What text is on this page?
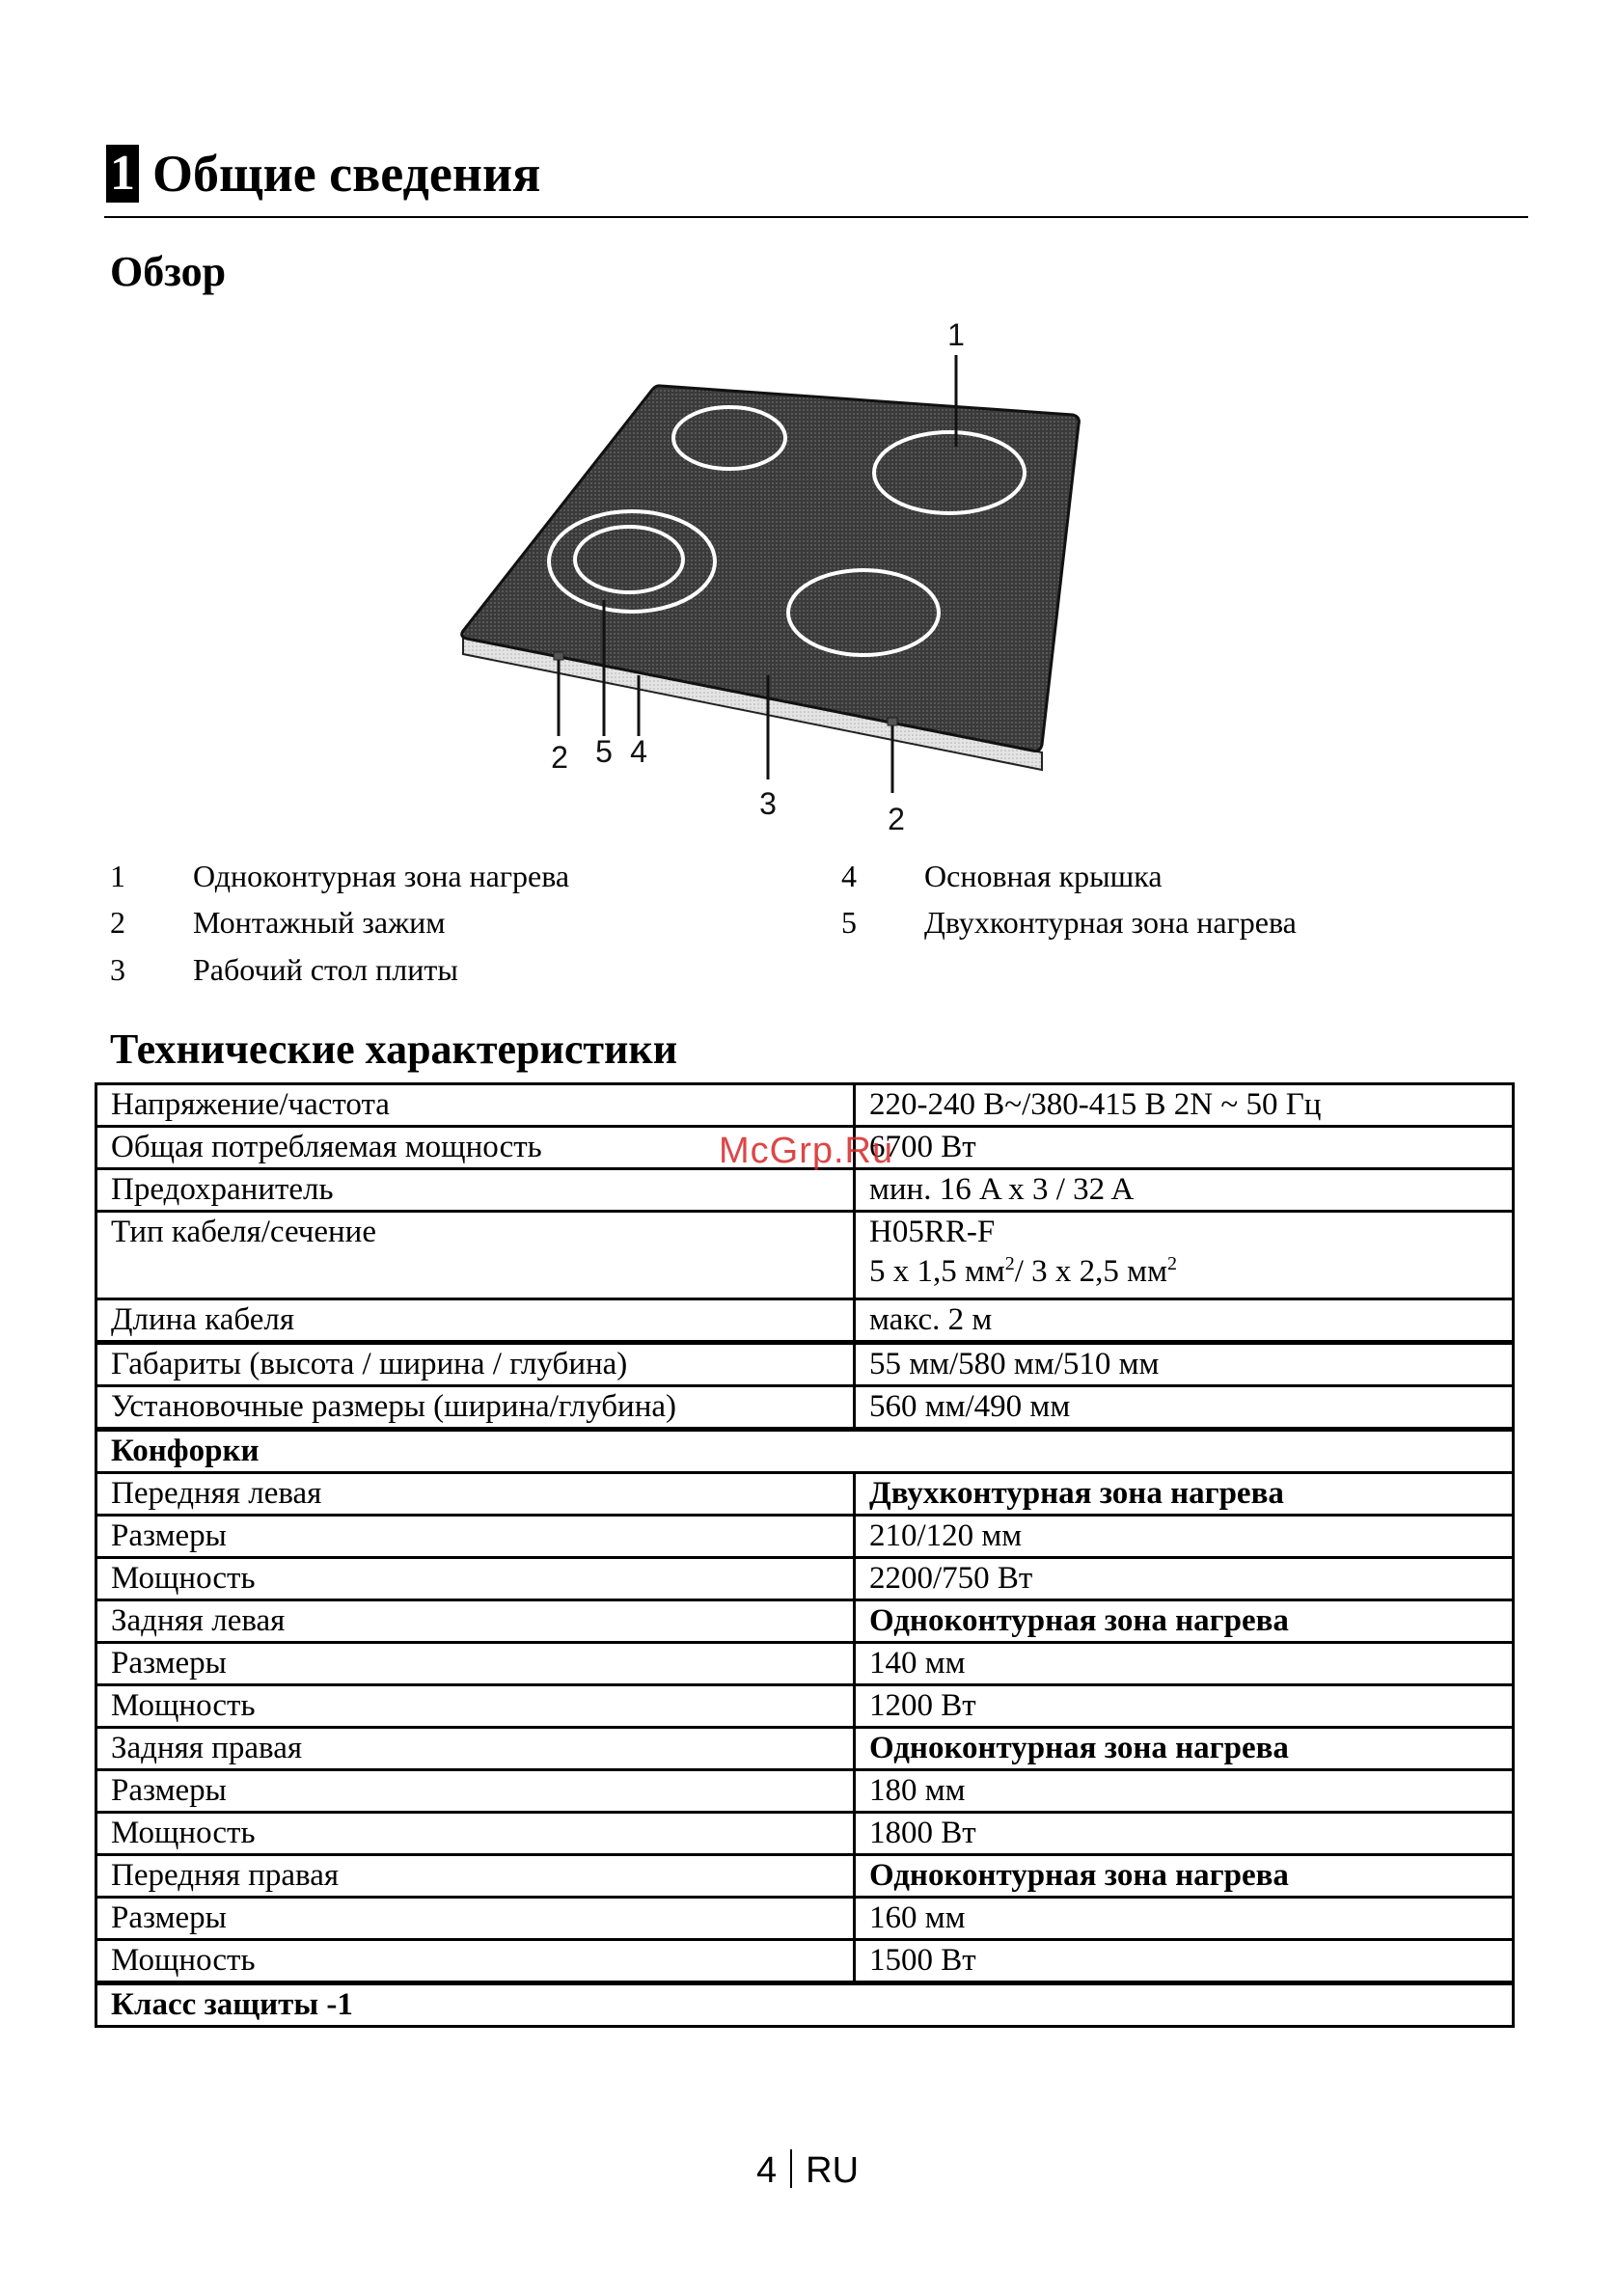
1 Общие сведения
Обзор
1
2 5 4
3	2
1 Одноконтурная зона нагрева
2 Монтажный зажим
3 Рабочий стол плиты
4 Основная крышка
5 Двухконтурная зона нагрева
Технические характеристики
Напряжение/частота	220-240 В~/380-415 В 2N ~ 50 Гц
Общая потребляемая мощность	6700 Вт
Предохранитель	мин. 16 A x 3 / 32 A
Тип кабеля/сечение	H05RR-F
5 x 1,5 $мм^2/$ 3 x 2,5 $мм^2$

Длина кабеля	макс. 2 м
Габариты (высота / ширина / глубина)	55 мм/580 мм/510 мм
Установочные размеры (ширина/глубина)	560 мм/490 мм
Конфорки	
Передняя левая	Двухконтурная зона нагрева
Размеры	210/120 мм
Мощность	2200/750 Вт
Задняя левая	Одноконтурная зона нагрева
Размеры	140 мм
Мощность	1200 Вт
Задняя правая	Одноконтурная зона нагрева
Размеры	180 мм
Мощность	1800 Вт
Передняя правая	Одноконтурная зона нагрева
Размеры	160 мм
Мощность	1500 Вт
Класс защиты -1	
McGrp.Ru
4 RU
